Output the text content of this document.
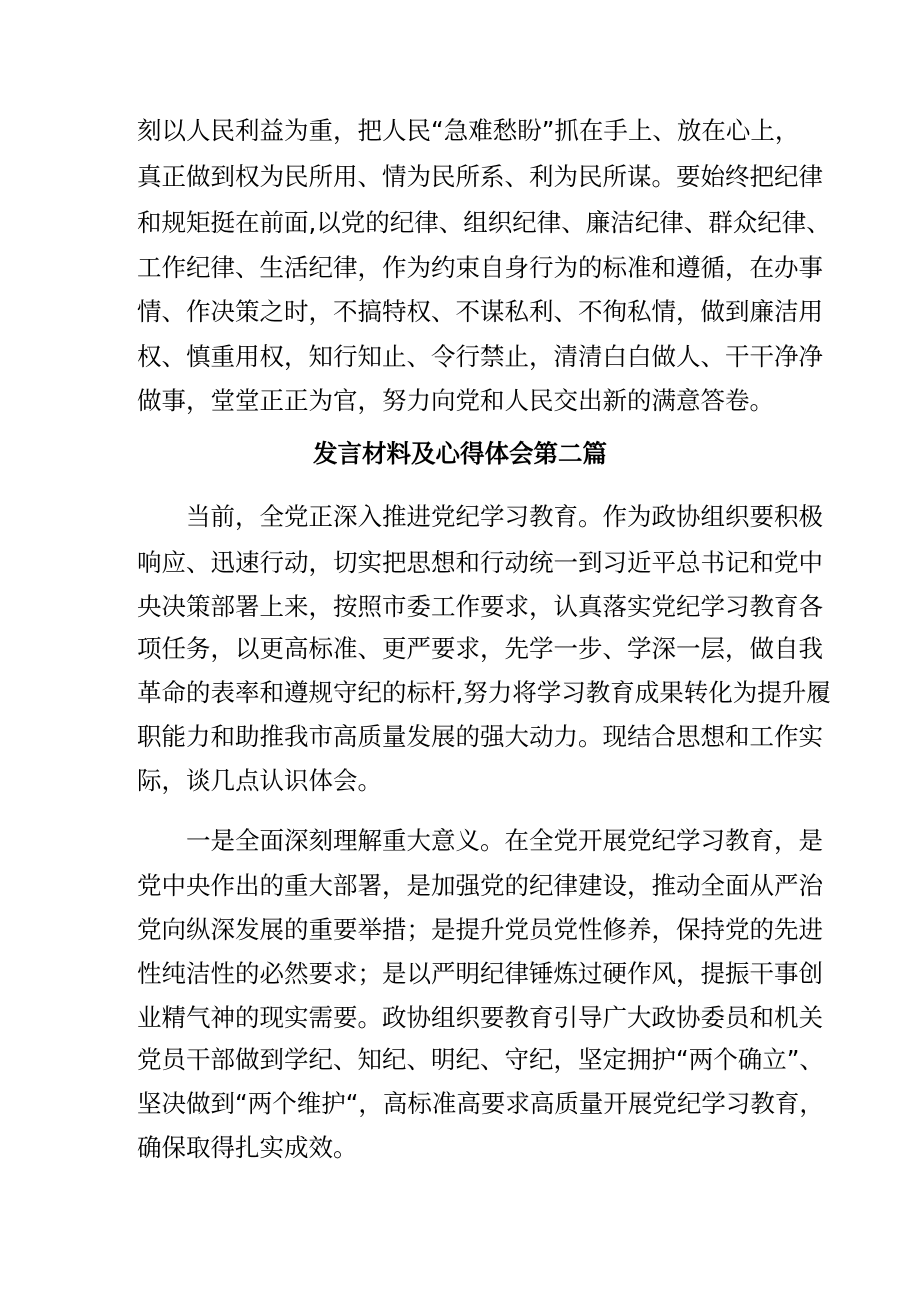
刻以人民利益为重，把人民“急难愁盼”抓在手上、放在心上，
真正做到权为民所用、情为民所系、利为民所谋。要始终把纪律
和规矩挺在前面,以党的纪律、组织纪律、廉洁纪律、群众纪律、
工作纪律、生活纪律，作为约束自身行为的标准和遵循，在办事
情、作决策之时，不搞特权、不谋私利、不徇私情，做到廉洁用
权、慎重用权，知行知止、令行禁止，清清白白做人、干干净净
做事，堂堂正正为官，努力向党和人民交出新的满意答卷。
发言材料及心得体会第二篇
当前，全党正深入推进党纪学习教育。作为政协组织要积极
响应、迅速行动，切实把思想和行动统一到习近平总书记和党中
央决策部署上来，按照市委工作要求，认真落实党纪学习教育各
项任务，以更高标准、更严要求，先学一步、学深一层，做自我
革命的表率和遵规守纪的标杆,努力将学习教育成果转化为提升履
职能力和助推我市高质量发展的强大动力。现结合思想和工作实
际，谈几点认识体会。
一是全面深刻理解重大意义。在全党开展党纪学习教育，是
党中央作出的重大部署，是加强党的纪律建设，推动全面从严治
党向纵深发展的重要举措；是提升党员党性修养，保持党的先进
性纯洁性的必然要求；是以严明纪律锤炼过硬作风，提振干事创
业精气神的现实需要。政协组织要教育引导广大政协委员和机关
党员干部做到学纪、知纪、明纪、守纪，坚定拥护“两个确立”、
坚决做到“两个维护“，高标准高要求高质量开展党纪学习教育，
确保取得扎实成效。
